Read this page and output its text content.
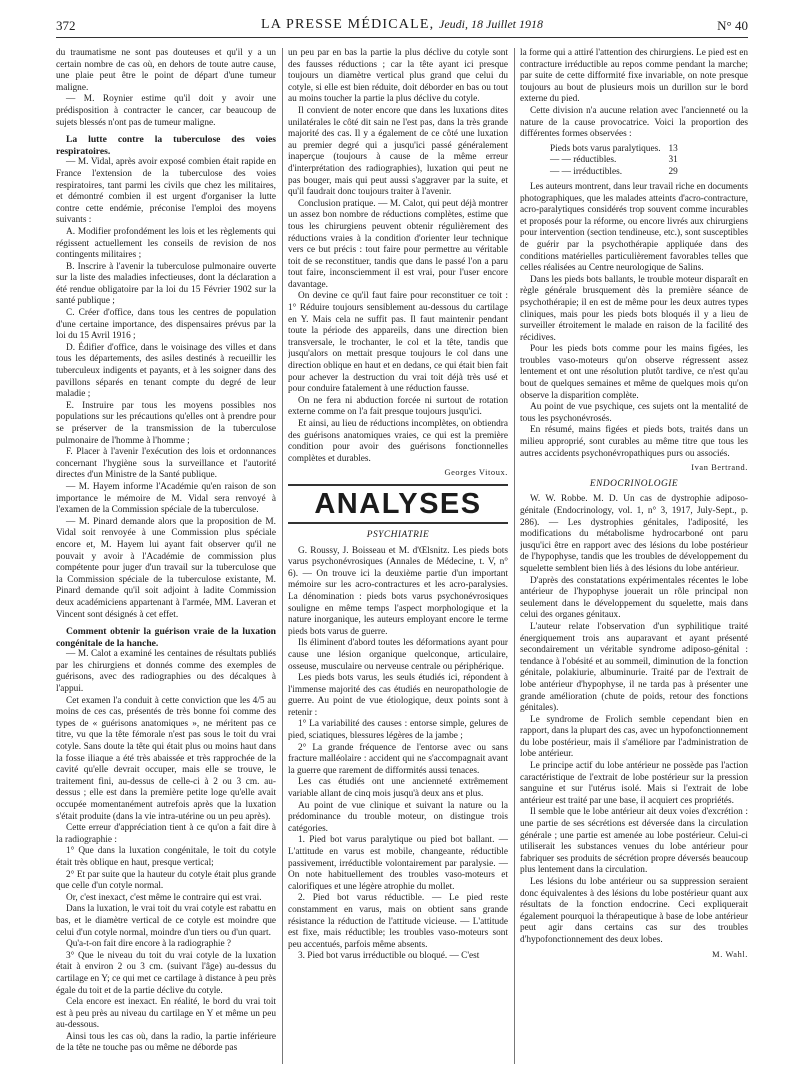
372	LA PRESSE MÉDICALE, Jeudi, 18 Juillet 1918	N° 40

du traumatisme ne sont pas douteuses et qu'il y a un certain nombre de cas où, en dehors de toute autre cause, une plaie peut être le point de départ d'une tumeur maligne.

— M. Roynier estime qu'il doit y avoir une prédisposition à contracter le cancer, car beaucoup de sujets blessés n'ont pas de tumeur maligne.

La lutte contre la tuberculose des voies respiratoires.

— M. Vidal, après avoir exposé combien était rapide en France l'extension de la tuberculose des voies respiratoires, tant parmi les civils que chez les militaires, et démontré combien il est urgent d'organiser la lutte contre cette endémie, préconise l'emploi des moyens suivants :

A. Modifier profondément les lois et les règlements qui régissent actuellement les conseils de revision de nos contingents militaires ;

B. Inscrire à l'avenir la tuberculose pulmonaire ouverte sur la liste des maladies infectieuses, dont la déclaration a été rendue obligatoire par la loi du 15 Février 1902 sur la santé publique ;

C. Créer d'office, dans tous les centres de population d'une certaine importance, des dispensaires prévus par la loi du 15 Avril 1916 ;

D. Édifier d'office, dans le voisinage des villes et dans tous les départements, des asiles destinés à recueillir les tuberculeux indigents et payants, et à les soigner dans des pavillons séparés en tenant compte du degré de leur maladie ;

E. Instruire par tous les moyens possibles nos populations sur les précautions qu'elles ont à prendre pour se préserver de la transmission de la tuberculose pulmonaire de l'homme à l'homme ;

F. Placer à l'avenir l'exécution des lois et ordonnances concernant l'hygiène sous la surveillance et l'autorité directes d'un Ministre de la Santé publique.

— M. Hayem informe l'Académie qu'en raison de son importance le mémoire de M. Vidal sera renvoyé à l'examen de la Commission spéciale de la tuberculose.

— M. Pinard demande alors que la proposition de M. Vidal soit renvoyée à une Commission plus spéciale encore et, M. Hayem lui ayant fait observer qu'il ne pouvait y avoir à l'Académie de commission plus compétente pour juger d'un travail sur la tuberculose que la Commission spéciale de la tuberculose existante, M. Pinard demande qu'il soit adjoint à ladite Commission deux académiciens appartenant à l'armée, MM. Laveran et Vincent sont désignés à cet effet.

Comment obtenir la guérison vraie de la luxation congénitale de la hanche.

— M. Calot a examiné les centaines de résultats publiés par les chirurgiens et donnés comme des exemples de guérisons, avec des radiographies ou des décalques à l'appui.

Cet examen l'a conduit à cette conviction que les 4/5 au moins de ces cas, présentés de très bonne foi comme des types de « guérisons anatomiques », ne méritent pas ce titre, vu que la tête fémorale n'est pas sous le toit du vrai cotyle. Sans doute la tête qui était plus ou moins haut dans la fosse iliaque a été très abaissée et très rapprochée de la cavité qu'elle devrait occuper, mais elle se trouve, le traitement fini, au-dessus de celle-ci à 2 ou 3 cm. au-dessus ; elle est dans la première petite loge qu'elle avait occupée momentanément autrefois après que la luxation s'était produite (dans la vie intra-utérine ou un peu après).

Cette erreur d'appréciation tient à ce qu'on a fait dire à la radiographie :

1° Que dans la luxation congénitale, le toit du cotyle était très oblique en haut, presque vertical;

2° Et par suite que la hauteur du cotyle était plus grande que celle d'un cotyle normal.

Or, c'est inexact, c'est même le contraire qui est vrai.

Dans la luxation, le vrai toit du vrai cotyle est rabattu en bas, et le diamètre vertical de ce cotyle est moindre que celui d'un cotyle normal, moindre d'un tiers ou d'un quart.

Qu'a-t-on fait dire encore à la radiographie ?

3° Que le niveau du toit du vrai cotyle de la luxation était à environ 2 ou 3 cm. (suivant l'âge) au-dessus du cartilage en Y; ce qui met ce cartilage à distance à peu près égale du toit et de la partie déclive du cotyle.

Cela encore est inexact. En réalité, le bord du vrai toit est à peu près au niveau du cartilage en Y et même un peu au-dessous.

Ainsi tous les cas où, dans la radio, la partie inférieure de la tête ne touche pas ou même ne déborde pas

un peu par en bas la partie la plus déclive du cotyle sont des fausses réductions ; car la tête ayant ici presque toujours un diamètre vertical plus grand que celui du cotyle, si elle est bien réduite, doit déborder en bas ou tout au moins toucher la partie la plus déclive du cotyle.

Il convient de noter encore que dans les luxations dites unilatérales le côté dit sain ne l'est pas, dans la très grande majorité des cas. Il y a également de ce côté une luxation au premier degré qui a jusqu'ici passé généralement inaperçue (toujours à cause de la même erreur d'interprétation des radiographies), luxation qui peut ne pas bouger, mais qui peut aussi s'aggraver par la suite, et qu'il faudrait donc toujours traiter à l'avenir.

Conclusion pratique. — M. Calot, qui peut déjà montrer un assez bon nombre de réductions complètes, estime que tous les chirurgiens peuvent obtenir régulièrement des réductions vraies à la condition d'orienter leur technique vers ce but précis : tout faire pour permettre au véritable toit de se reconstituer, tandis que dans le passé l'on a paru tout faire, inconsciemment il est vrai, pour l'user encore davantage.

On devine ce qu'il faut faire pour reconstituer ce toit : 1° Réduire toujours sensiblement au-dessous du cartilage en Y. Mais cela ne suffit pas. Il faut maintenir pendant toute la période des appareils, dans une direction bien transversale, le trochanter, le col et la tête, tandis que jusqu'alors on mettait presque toujours le col dans une direction oblique en haut et en dedans, ce qui était bien fait pour achever la destruction du vrai toit déjà très usé et pour conduire fatalement à une réduction fausse.

On ne fera ni abduction forcée ni surtout de rotation externe comme on l'a fait presque toujours jusqu'ici.

Et ainsi, au lieu de réductions incomplètes, on obtiendra des guérisons anatomiques vraies, ce qui est la première condition pour avoir des guérisons fonctionnelles complètes et durables.

Georges Vitoux.
ANALYSES
PSYCHIATRIE

G. Roussy, J. Boisseau et M. d'Œlsnitz. Les pieds bots varus psychonévrosiques (Annales de Médecine, t. V, n° 6). — On trouve ici la deuxième partie d'un important mémoire sur les acro-contractures et les acro-paralysies. La dénomination : pieds bots varus psychonévrosiques souligne en même temps l'aspect morphologique et la nature inorganique, les auteurs employant encore le terme pieds bots varus de guerre.

Ils éliminent d'abord toutes les déformations ayant pour cause une lésion organique quelconque, articulaire, osseuse, musculaire ou nerveuse centrale ou périphérique.

Les pieds bots varus, les seuls étudiés ici, répondent à l'immense majorité des cas étudiés en neuropathologie de guerre. Au point de vue étiologique, deux points sont à retenir :

1° La variabilité des causes : entorse simple, gelures de pied, sciatiques, blessures légères de la jambe ;

2° La grande fréquence de l'entorse avec ou sans fracture malléolaire : accident qui ne s'accompagnait avant la guerre que rarement de difformités aussi tenaces.

Les cas étudiés ont une ancienneté extrêmement variable allant de cinq mois jusqu'à deux ans et plus.

Au point de vue clinique et suivant la nature ou la prédominance du trouble moteur, on distingue trois catégories.

1. Pied bot varus paralytique ou pied bot ballant. — L'attitude en varus est mobile, changeante, réductible passivement, irréductible volontairement par paralysie. — On note habituellement des troubles vaso-moteurs et calorifiques et une légère atrophie du mollet.

2. Pied bot varus réductible. — Le pied reste constamment en varus, mais on obtient sans grande résistance la réduction de l'attitude vicieuse. — L'attitude est fixe, mais réductible; les troubles vaso-moteurs sont peu accentués, parfois même absents.

3. Pied bot varus irréductible ou bloqué. — C'est

la forme qui a attiré l'attention des chirurgiens. Le pied est en contracture irréductible au repos comme pendant la marche; par suite de cette difformité fixe invariable, on note presque toujours au bout de plusieurs mois un durillon sur le bord externe du pied.

Cette division n'a aucune relation avec l'ancienneté ou la nature de la cause provocatrice. Voici la proportion des différentes formes observées :

Pieds bots varus paralytiques.	13
— — réductibles.	31
— — irréductibles.	29

Les auteurs montrent, dans leur travail riche en documents photographiques, que les malades atteints d'acro-contracture, acro-paralytiques considérés trop souvent comme incurables et proposés pour la réforme, ou encore livrés aux chirurgiens pour intervention (section tendineuse, etc.), sont susceptibles de guérir par la psychothérapie appliquée dans des conditions matérielles particulièrement favorables telles que celles réalisées au Centre neurologique de Salins.

Dans les pieds bots ballants, le trouble moteur disparaît en règle générale brusquement dès la première séance de psychothérapie; il en est de même pour les deux autres types cliniques, mais pour les pieds bots bloqués il y a lieu de surveiller étroitement le malade en raison de la facilité des récidives.

Pour les pieds bots comme pour les mains figées, les troubles vaso-moteurs qu'on observe régressent assez lentement et ont une résolution plutôt tardive, ce n'est qu'au bout de quelques semaines et même de quelques mois qu'on observe la disparition complète.

Au point de vue psychique, ces sujets ont la mentalité de tous les psychonévrosés.

En résumé, mains figées et pieds bots, traités dans un milieu approprié, sont curables au même titre que tous les autres accidents psychonévropathiques purs ou associés.

Ivan Bertrand.
ENDOCRINOLOGIE

W. W. Robbe. M. D. Un cas de dystrophie adiposo-génitale (Endocrinology, vol. 1, n° 3, 1917, July-Sept., p. 286). — Les dystrophies génitales, l'adiposité, les modifications du métabolisme hydrocarboné ont paru jusqu'ici être en rapport avec des lésions du lobe postérieur de l'hypophyse, tandis que les troubles de développement du squelette semblent bien liés à des lésions du lobe antérieur.

D'après des constatations expérimentales récentes le lobe antérieur de l'hypophyse jouerait un rôle principal non seulement dans le développement du squelette, mais dans celui des organes génitaux.

L'auteur relate l'observation d'un syphilitique traité énergiquement trois ans auparavant et ayant présenté secondairement un véritable syndrome adiposo-génital : tendance à l'obésité et au sommeil, diminution de la fonction génitale, polakiurie, albuminurie. Traité par de l'extrait de lobe antérieur d'hypophyse, il ne tarda pas à présenter une grande amélioration (chute de poids, retour des fonctions génitales).

Le syndrome de Frolich semble cependant bien en rapport, dans la plupart des cas, avec un hypofonctionnement du lobe postérieur, mais il s'améliore par l'administration de lobe antérieur.

Le principe actif du lobe antérieur ne possède pas l'action caractéristique de l'extrait de lobe postérieur sur la pression sanguine et sur l'utérus isolé. Mais si l'extrait de lobe antérieur est traité par une base, il acquiert ces propriétés.

Il semble que le lobe antérieur ait deux voies d'excrétion : une partie de ses sécrétions est déversée dans la circulation générale ; une partie est amenée au lobe postérieur. Celui-ci utiliserait les substances venues du lobe antérieur pour fabriquer ses produits de sécrétion propre déversés beaucoup plus lentement dans la circulation.

Les lésions du lobe antérieur ou sa suppression seraient donc équivalentes à des lésions du lobe postérieur quant aux résultats de la fonction endocrine. Ceci expliquerait également pourquoi la thérapeutique à base de lobe antérieur peut agir dans certains cas sur des troubles d'hypofonctionnement des deux lobes.

M. Wahl.
